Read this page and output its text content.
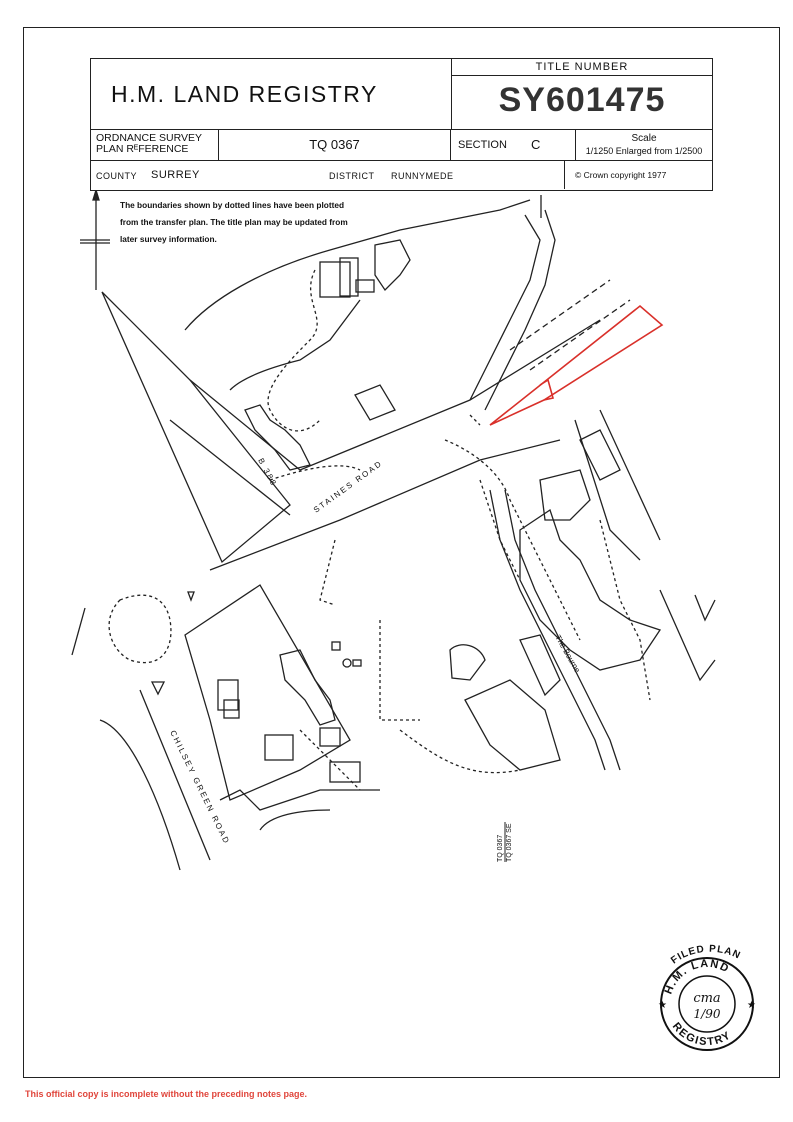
STAINES ROAD
B 388
CHILSEY GREEN ROAD
The Bourne
TQ 0367 TQ 0367 SE
H.M. LAND REGISTRY
TITLE NUMBER
SY601475
ORDNANCE SURVEY
PLAN RᴱFERENCE	TQ 0367	SECTION C	Scale
1/1250 Enlarged from 1/2500
COUNTY SURREY	DISTRICT RUNNYMEDE	© Crown copyright 1977
The boundaries shown by dotted lines have been plotted from the transfer plan. The title plan may be updated from later survey information.
FILED PLAN
H.M. LAND
REGISTRY
★	★
cma
1/90
This official copy is incomplete without the preceding notes page.
